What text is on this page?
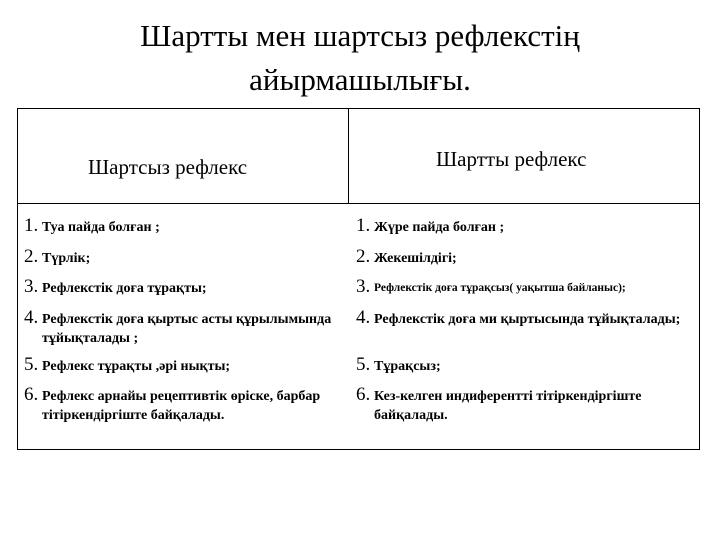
Шартты мен шартсыз рефлекстің
айырмашылығы.
Шартсыз рефлекс	Шартты рефлекс
1. Туа пайда болған ;
2. Түрлік;
3. Рефлекстік доға тұрақты;
4. Рефлекстік доға қыртыс асты құрылымында тұйықталады ;
5. Рефлекс тұрақты ,әрі нықты;
6. Рефлекс арнайы рецептивтік өріске, барбар тітіркендіргіште байқалады.
1. Жүре пайда болған ;
2. Жекешілдігі;
3. Рефлекстік доға тұрақсыз( уақытша байланыс);
4. Рефлекстік доға ми қыртысында тұйықталады;
5. Тұрақсыз;
6. Кез-келген индиферентті тітіркендіргіште байқалады.
